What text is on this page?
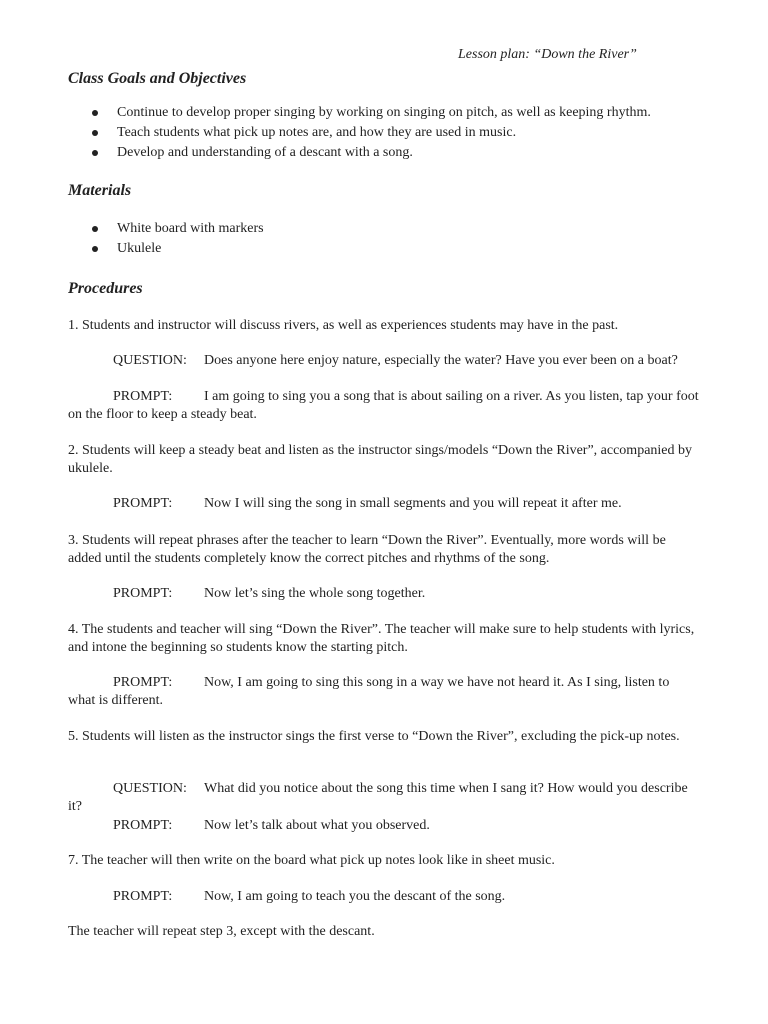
Lesson plan: “Down the River”
Class Goals and Objectives
Continue to develop proper singing by working on singing on pitch, as well as keeping rhythm.
Teach students what pick up notes are, and how they are used in music.
Develop and understanding of a descant with a song.
Materials
White board with markers
Ukulele
Procedures

1. Students and instructor will discuss rivers, as well as experiences students may have in the past.

QUESTION: Does anyone here enjoy nature, especially the water? Have you ever been on a boat?

PROMPT: I am going to sing you a song that is about sailing on a river. As you listen, tap your foot on the floor to keep a steady beat.

2. Students will keep a steady beat and listen as the instructor sings/models “Down the River”, accompanied by ukulele.

PROMPT: Now I will sing the song in small segments and you will repeat it after me.

3. Students will repeat phrases after the teacher to learn “Down the River”. Eventually, more words will be added until the students completely know the correct pitches and rhythms of the song.

PROMPT: Now let’s sing the whole song together.

4. The students and teacher will sing “Down the River”. The teacher will make sure to help students with lyrics, and intone the beginning so students know the starting pitch.

PROMPT: Now, I am going to sing this song in a way we have not heard it. As I sing, listen to what is different.

5. Students will listen as the instructor sings the first verse to “Down the River”, excluding the pick-up notes.

QUESTION: What did you notice about the song this time when I sang it? How would you describe it?

PROMPT: Now let’s talk about what you observed.

7. The teacher will then write on the board what pick up notes look like in sheet music.

PROMPT: Now, I am going to teach you the descant of the song.

The teacher will repeat step 3, except with the descant.
